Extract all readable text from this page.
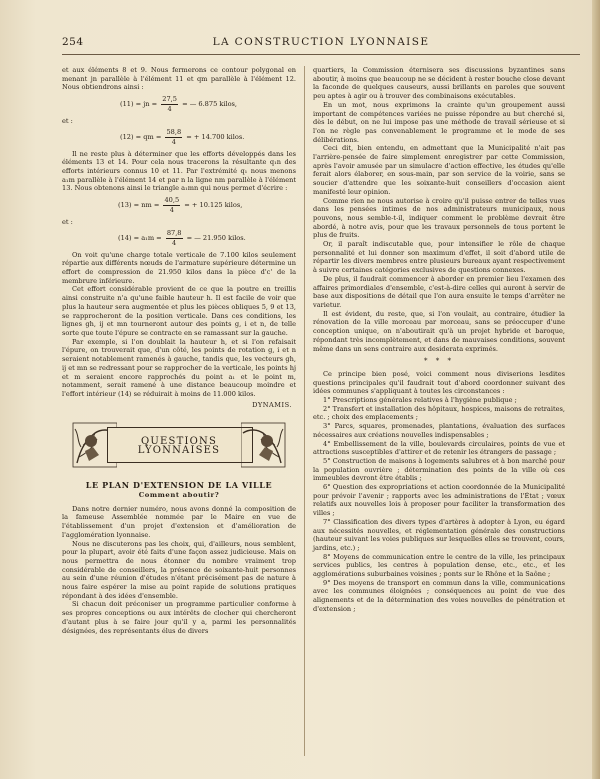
254	LA CONSTRUCTION LYONNAISE

et aux éléments 8 et 9. Nous fermerons ce contour polygonal en menant jn parallèle à l'élément 11 et qm parallèle à l'élément 12. Nous obtiendrons ainsi :

(11) = jn = $\frac{27,5}{4}$ = — 6.875 kilos,

et :

(12) = qm = $\frac{58,8}{4}$ = + 14.700 kilos.

Il ne reste plus à déterminer que les efforts développés dans les éléments 13 et 14. Pour cela nous tracerons la résultante q₁n des efforts intérieurs connus 10 et 11. Par l'extrémité q₁ nous menons a₁m parallèle à l'élément 14 et par n la ligne nm parallèle à l'élément 13. Nous obtenons ainsi le triangle a₁mn qui nous permet d'écrire :

(13) = nm = $\frac{40,5}{4}$ = + 10.125 kilos,

et :

$(14) = a_1m = \frac{87,8}{4}$ = — 21.950 kilos.

On voit qu'une charge totale verticale de 7.100 kilos seulement répartie aux différents nœuds de l'armature supérieure détermine un effort de compression de 21.950 kilos dans la pièce d'c' de la membrure inférieure.

Cet effort considérable provient de ce que la poutre en treillis ainsi construite n'a qu'une faible hauteur h. Il est facile de voir que plus la hauteur sera augmentée et plus les pièces obliques 5, 9 et 13, se rapprocheront de la position verticale. Dans ces conditions, les lignes gh, ij et mn tourneront autour des points g, i et n, de telle sorte que toute l'épure se contracte en se ramassant sur la gauche.

Par exemple, si l'on doublait la hauteur h, et si l'on refaisait l'épure, on trouverait que, d'un côté, les points de rotation g, i et n seraient notablement ramenés à gauche, tandis que, les vecteurs gh, ij et mn se redressant pour se rapprocher de la verticale, les points hj et m seraient encore rapprochés du point a₁ et le point m, notamment, serait ramené à une distance beaucoup moindre et l'effort intérieur (14) se réduirait à moins de 11.000 kilos.

DYNAMIS.
QUESTIONS LYONNAISES
LE PLAN D'EXTENSION DE LA VILLE
Comment aboutir?

Dans notre dernier numéro, nous avons donné la composition de la fameuse Assemblée nommée par le Maire en vue de l'établissement d'un projet d'extension et d'amélioration de l'agglomération lyonnaise.

Nous ne discuterons pas les choix, qui, d'ailleurs, nous semblent, pour la plupart, avoir été faits d'une façon assez judicieuse. Mais on nous permettra de nous étonner du nombre vraiment trop considérable de conseillers, la présence de soixante-huit personnes au sein d'une réunion d'études n'étant précisément pas de nature à nous faire espérer la mise au point rapide de solutions pratiques répondant à des idées d'ensemble.

Si chacun doit préconiser un programme particulier conforme à ses propres conceptions ou aux intérêts de clocher qui chercheront d'autant plus à se faire jour qu'il y a, parmi les personnalités désignées, des représentants élus de divers

quartiers, la Commission éternisera ses discussions byzantines sans aboutir, à moins que beaucoup ne se décident à rester bouche close devant la faconde de quelques causeurs, aussi brillants en paroles que souvent peu aptes à agir ou à trouver des combinaisons exécutables.

En un mot, nous exprimons la crainte qu'un groupement aussi important de compétences variées ne puisse répondre au but cherché si, dès le début, on ne lui impose pas une méthode de travail sérieuse et si l'on ne règle pas convenablement le programme et le mode de ses délibérations.

Ceci dit, bien entendu, en admettant que la Municipalité n'ait pas l'arrière-pensée de faire simplement enregistrer par cette Commission, après l'avoir amusée par un simulacre d'action effective, les études qu'elle ferait alors élaborer, en sous-main, par son service de la voirie, sans se soucier d'attendre que les soixante-huit conseillers d'occasion aient manifesté leur opinion.

Comme rien ne nous autorise à croire qu'il puisse entrer de telles vues dans les pensées intimes de nos administrateurs municipaux, nous pouvons, nous semble-t-il, indiquer comment le problème devrait être abordé, à notre avis, pour que les travaux personnels de tous portent le plus de fruits.

Or, il paraît indiscutable que, pour intensifier le rôle de chaque personnalité et lui donner son maximum d'effet, il soit d'abord utile de répartir les divers membres entre plusieurs bureaux ayant respectivement à suivre certaines catégories exclusives de questions connexes.

De plus, il faudrait commencer à aborder en premier lieu l'examen des affaires primordiales d'ensemble, c'est-à-dire celles qui auront à servir de base aux dispositions de détail que l'on aura ensuite le temps d'arrêter ne varietur.

Il est évident, du reste, que, si l'on voulait, au contraire, étudier la rénovation de la ville morceau par morceau, sans se préoccuper d'une conception unique, on n'aboutirait qu'à un projet hybride et baroque, répondant très incomplètement, et dans de mauvaises conditions, souvent même dans un sens contraire aux desiderata exprimés.

* * *

Ce principe bien posé, voici comment nous diviserions lesdites questions principales qu'il faudrait tout d'abord coordonner suivant des idées communes s'appliquant à toutes les circonstances :

1° Prescriptions générales relatives à l'hygiène publique ;

2° Transfert et installation des hôpitaux, hospices, maisons de retraites, etc. ; choix des emplacements ;

3° Parcs, squares, promenades, plantations, évaluation des surfaces nécessaires aux créations nouvelles indispensables ;

4° Embellissement de la ville, boulevards circulaires, points de vue et attractions susceptibles d'attirer et de retenir les étrangers de passage ;

5° Construction de maisons à logements salubres et à bon marché pour la population ouvrière ; détermination des points de la ville où ces immeubles devront être établis ;

6° Question des expropriations et action coordonnée de la Municipalité pour prévoir l'avenir ; rapports avec les administrations de l'État ; vœux relatifs aux nouvelles lois à proposer pour faciliter la transformation des villes ;

7° Classification des divers types d'artères à adopter à Lyon, eu égard aux nécessités nouvelles, et réglementation générale des constructions (hauteur suivant les voies publiques sur lesquelles elles se trouvent, cours, jardins, etc.) ;

8° Moyens de communication entre le centre de la ville, les principaux services publics, les centres à population dense, etc., etc., et les agglomérations suburbaines voisines ; ponts sur le Rhône et la Saône ;

9° Des moyens de transport en commun dans la ville, communications avec les communes éloignées ; conséquences au point de vue des alignements et de la détermination des voies nouvelles de pénétration et d'extension ;
